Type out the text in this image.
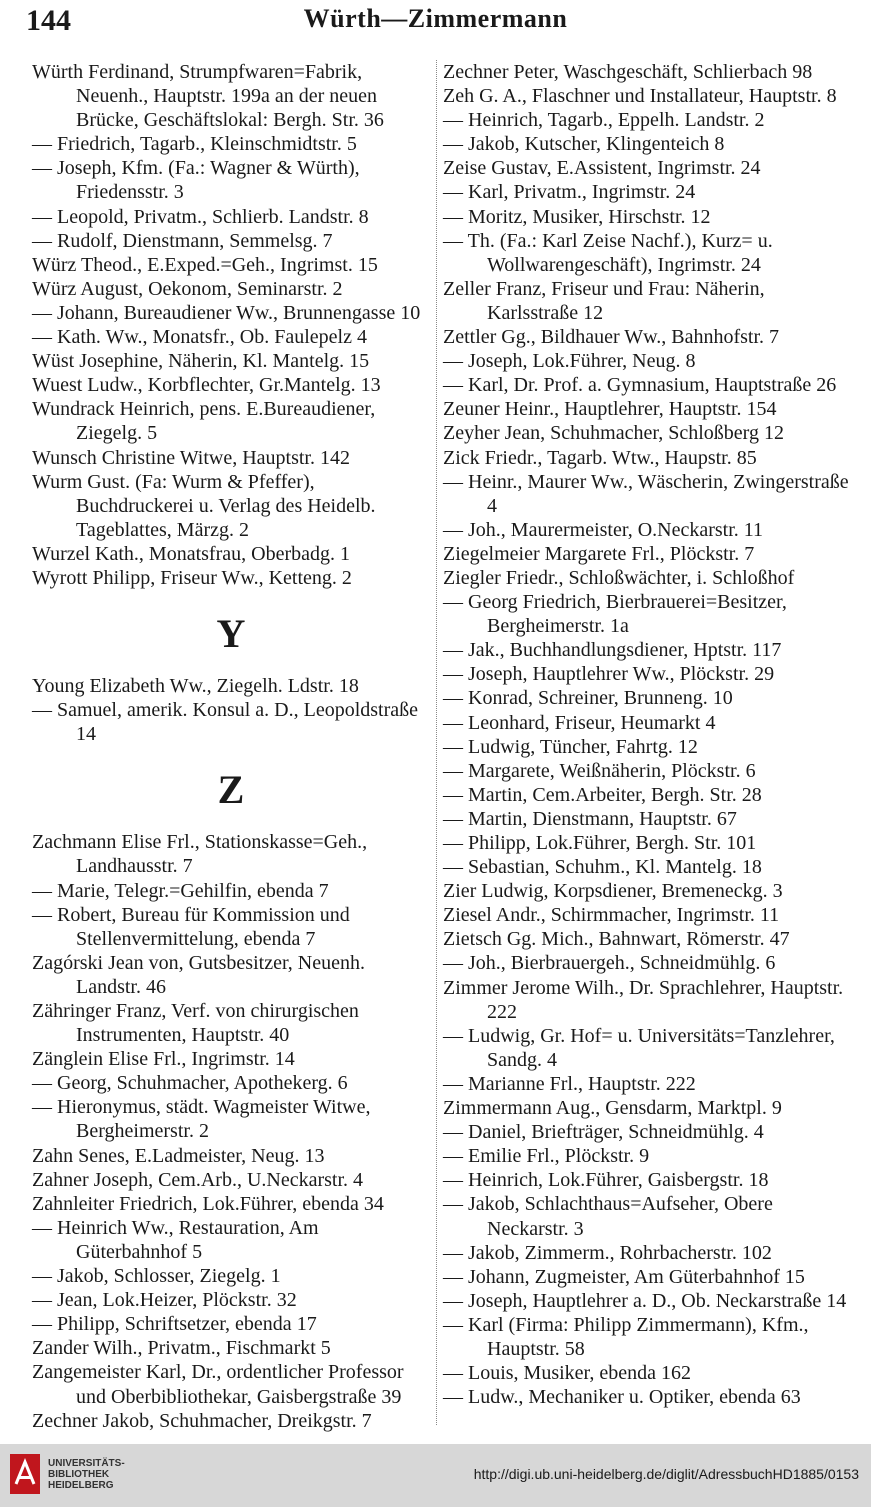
144	Würth—Zimmermann

Würth Ferdinand, Strumpfwaren=Fabrik, Neuenh., Hauptstr. 199a an der neuen Brücke, Geschäftslokal: Bergh. Str. 36

— Friedrich, Tagarb., Kleinschmidtstr. 5

— Joseph, Kfm. (Fa.: Wagner & Würth), Friedensstr. 3

— Leopold, Privatm., Schlierb. Landstr. 8

— Rudolf, Dienstmann, Semmelsg. 7

Würz Theod., E.Exped.=Geh., Ingrimst. 15

Würz August, Oekonom, Seminarstr. 2

— Johann, Bureaudiener Ww., Brunnengasse 10

— Kath. Ww., Monatsfr., Ob. Faulepelz 4

Wüst Josephine, Näherin, Kl. Mantelg. 15

Wuest Ludw., Korbflechter, Gr.Mantelg. 13

Wundrack Heinrich, pens. E.Bureaudiener, Ziegelg. 5

Wunsch Christine Witwe, Hauptstr. 142

Wurm Gust. (Fa: Wurm & Pfeffer), Buchdruckerei u. Verlag des Heidelb. Tageblattes, Märzg. 2

Wurzel Kath., Monatsfrau, Oberbadg. 1

Wyrott Philipp, Friseur Ww., Ketteng. 2

Y

Young Elizabeth Ww., Ziegelh. Ldstr. 18

— Samuel, amerik. Konsul a. D., Leopoldstraße 14

Z

Zachmann Elise Frl., Stationskasse=Geh., Landhausstr. 7

— Marie, Telegr.=Gehilfin, ebenda 7

— Robert, Bureau für Kommission und Stellenvermittelung, ebenda 7

Zagórski Jean von, Gutsbesitzer, Neuenh. Landstr. 46

Zähringer Franz, Verf. von chirurgischen Instrumenten, Hauptstr. 40

Zänglein Elise Frl., Ingrimstr. 14

— Georg, Schuhmacher, Apothekerg. 6

— Hieronymus, städt. Wagmeister Witwe, Bergheimerstr. 2

Zahn Senes, E.Ladmeister, Neug. 13

Zahner Joseph, Cem.Arb., U.Neckarstr. 4

Zahnleiter Friedrich, Lok.Führer, ebenda 34

— Heinrich Ww., Restauration, Am Güterbahnhof 5

— Jakob, Schlosser, Ziegelg. 1

— Jean, Lok.Heizer, Plöckstr. 32

— Philipp, Schriftsetzer, ebenda 17

Zander Wilh., Privatm., Fischmarkt 5

Zangemeister Karl, Dr., ordentlicher Professor und Oberbibliothekar, Gaisbergstraße 39

Zechner Jakob, Schuhmacher, Dreikgstr. 7

Zechner Peter, Waschgeschäft, Schlierbach 98

Zeh G. A., Flaschner und Installateur, Hauptstr. 8

— Heinrich, Tagarb., Eppelh. Landstr. 2

— Jakob, Kutscher, Klingenteich 8

Zeise Gustav, E.Assistent, Ingrimstr. 24

— Karl, Privatm., Ingrimstr. 24

— Moritz, Musiker, Hirschstr. 12

— Th. (Fa.: Karl Zeise Nachf.), Kurz= u. Wollwarengeschäft), Ingrimstr. 24

Zeller Franz, Friseur und Frau: Näherin, Karlsstraße 12

Zettler Gg., Bildhauer Ww., Bahnhofstr. 7

— Joseph, Lok.Führer, Neug. 8

— Karl, Dr. Prof. a. Gymnasium, Hauptstraße 26

Zeuner Heinr., Hauptlehrer, Hauptstr. 154

Zeyher Jean, Schuhmacher, Schloßberg 12

Zick Friedr., Tagarb. Wtw., Haupstr. 85

— Heinr., Maurer Ww., Wäscherin, Zwingerstraße 4

— Joh., Maurermeister, O.Neckarstr. 11

Ziegelmeier Margarete Frl., Plöckstr. 7

Ziegler Friedr., Schloßwächter, i. Schloßhof

— Georg Friedrich, Bierbrauerei=Besitzer, Bergheimerstr. 1a

— Jak., Buchhandlungsdiener, Hptstr. 117

— Joseph, Hauptlehrer Ww., Plöckstr. 29

— Konrad, Schreiner, Brunneng. 10

— Leonhard, Friseur, Heumarkt 4

— Ludwig, Tüncher, Fahrtg. 12

— Margarete, Weißnäherin, Plöckstr. 6

— Martin, Cem.Arbeiter, Bergh. Str. 28

— Martin, Dienstmann, Hauptstr. 67

— Philipp, Lok.Führer, Bergh. Str. 101

— Sebastian, Schuhm., Kl. Mantelg. 18

Zier Ludwig, Korpsdiener, Bremeneckg. 3

Ziesel Andr., Schirmmacher, Ingrimstr. 11

Zietsch Gg. Mich., Bahnwart, Römerstr. 47

— Joh., Bierbrauergeh., Schneidmühlg. 6

Zimmer Jerome Wilh., Dr. Sprachlehrer, Hauptstr. 222

— Ludwig, Gr. Hof= u. Universitäts=Tanzlehrer, Sandg. 4

— Marianne Frl., Hauptstr. 222

Zimmermann Aug., Gensdarm, Marktpl. 9

— Daniel, Briefträger, Schneidmühlg. 4

— Emilie Frl., Plöckstr. 9

— Heinrich, Lok.Führer, Gaisbergstr. 18

— Jakob, Schlachthaus=Aufseher, Obere Neckarstr. 3

— Jakob, Zimmerm., Rohrbacherstr. 102

— Johann, Zugmeister, Am Güterbahnhof 15

— Joseph, Hauptlehrer a. D., Ob. Neckarstraße 14

— Karl (Firma: Philipp Zimmermann), Kfm., Hauptstr. 58

— Louis, Musiker, ebenda 162

— Ludw., Mechaniker u. Optiker, ebenda 63

UNIVERSITÄTS-
BIBLIOTHEK
HEIDELBERG
http://digi.ub.uni-heidelberg.de/diglit/AdressbuchHD1885/0153
